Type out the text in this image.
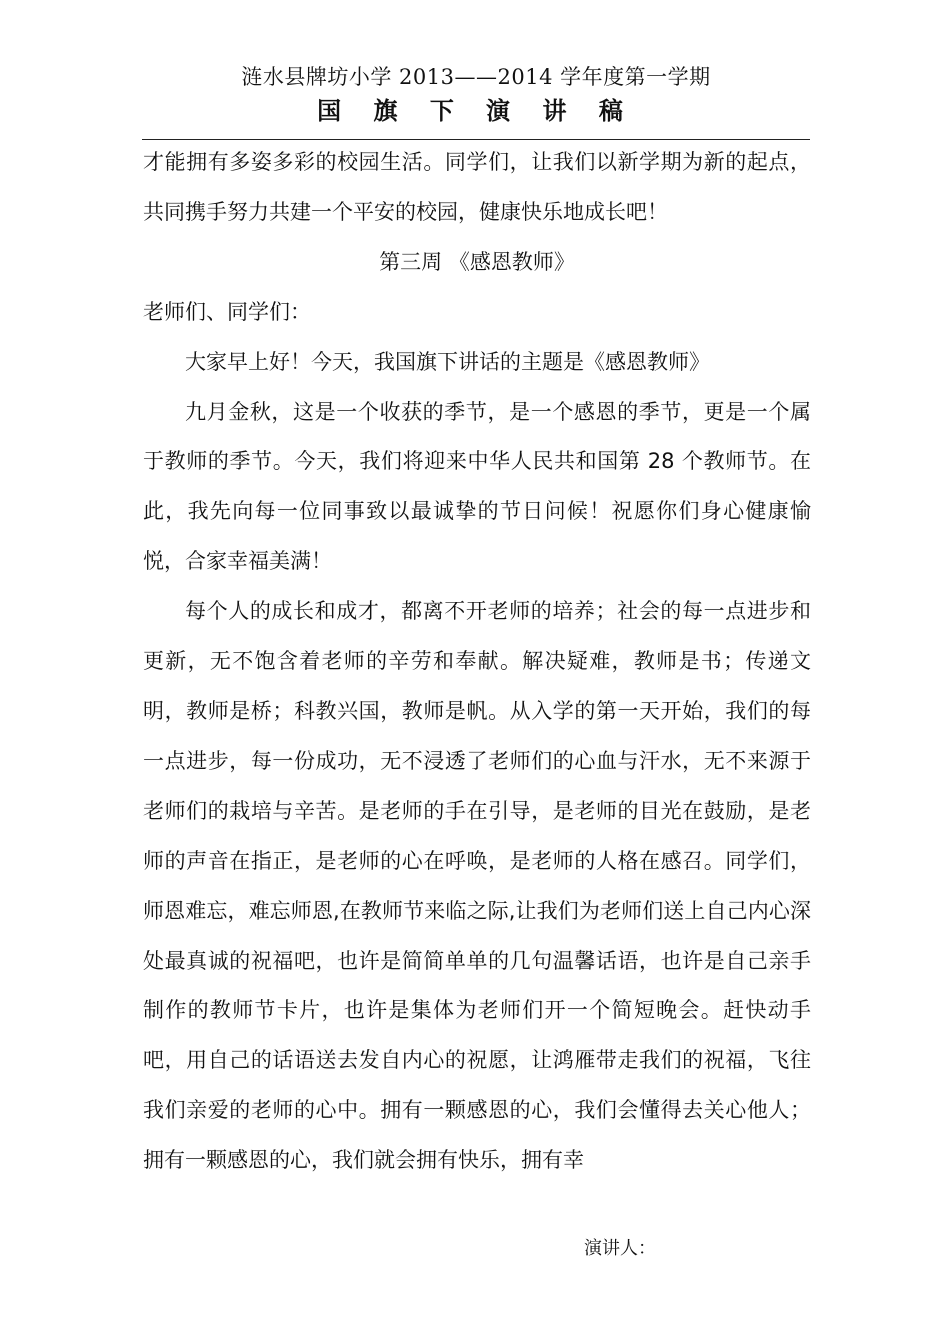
涟水县牌坊小学 2013——2014 学年度第一学期
国 旗 下 演 讲 稿

才能拥有多姿多彩的校园生活。同学们，让我们以新学期为新的起点，共同携手努力共建一个平安的校园，健康快乐地成长吧！

第三周 《感恩教师》

老师们、同学们：

大家早上好！今天，我国旗下讲话的主题是《感恩教师》

九月金秋，这是一个收获的季节，是一个感恩的季节，更是一个属于教师的季节。今天，我们将迎来中华人民共和国第 28 个教师节。在此，我先向每一位同事致以最诚挚的节日问候！祝愿你们身心健康愉悦，合家幸福美满！

每个人的成长和成才，都离不开老师的培养；社会的每一点进步和更新，无不饱含着老师的辛劳和奉献。解决疑难，教师是书；传递文明，教师是桥；科教兴国，教师是帆。从入学的第一天开始，我们的每一点进步，每一份成功，无不浸透了老师们的心血与汗水，无不来源于老师们的栽培与辛苦。是老师的手在引导，是老师的目光在鼓励，是老师的声音在指正，是老师的心在呼唤，是老师的人格在感召。同学们，师恩难忘，难忘师恩,在教师节来临之际,让我们为老师们送上自己内心深处最真诚的祝福吧，也许是简简单单的几句温馨话语，也许是自己亲手制作的教师节卡片，也许是集体为老师们开一个简短晚会。赶快动手吧，用自己的话语送去发自内心的祝愿，让鸿雁带走我们的祝福，飞往我们亲爱的老师的心中。拥有一颗感恩的心，我们会懂得去关心他人；拥有一颗感恩的心，我们就会拥有快乐，拥有幸

演讲人：
